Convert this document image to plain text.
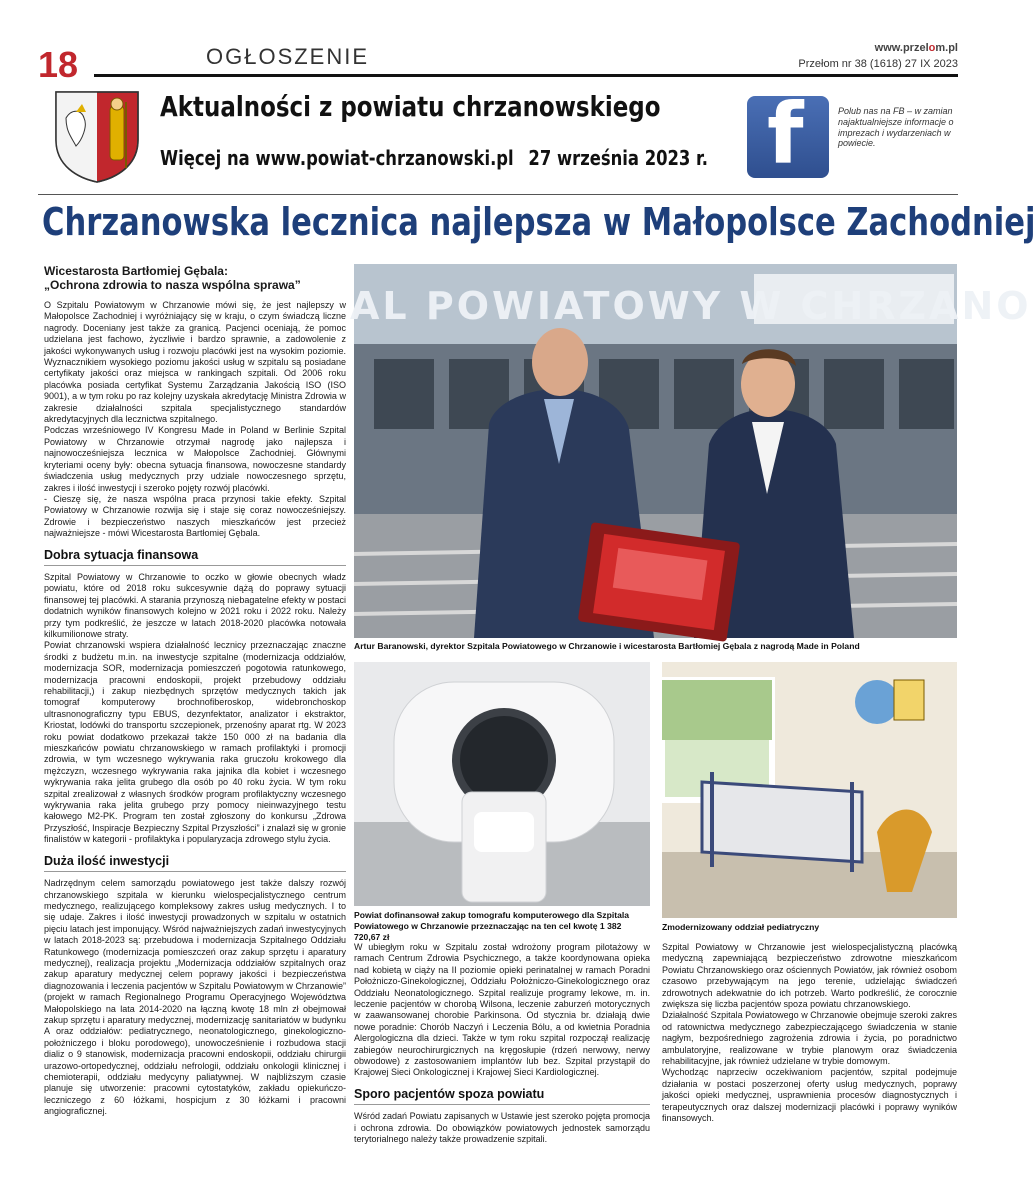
18	OGŁOSZENIE	www.przelom.pl
Przełom nr 38 (1618) 27 IX 2023
Aktualności z powiatu chrzanowskiego
Więcej na www.powiat-chrzanowski.pl 27 września 2023 r. f	Polub nas na FB – w zamian najaktualniejsze informacje o imprezach i wydarzeniach w powiecie.
Chrzanowska lecznica najlepsza w Małopolsce Zachodniej
Wicestarosta Bartłomiej Gębala:
„Ochrona zdrowia to nasza wspólna sprawa”

O Szpitalu Powiatowym w Chrzanowie mówi się, że jest najlepszy w Małopolsce Zachodniej i wyróżniający się w kraju, o czym świadczą liczne nagrody. Doceniany jest także za granicą. Pacjenci oceniają, że pomoc udzielana jest fachowo, życzliwie i bardzo sprawnie, a zadowolenie z jakości wykonywanych usług i rozwoju placówki jest na wysokim poziomie. Wyznacznikiem wysokiego poziomu jakości usług w szpitalu są posiadane certyfikaty jakości oraz miejsca w rankingach szpitali. Od 2006 roku placówka posiada certyfikat Systemu Zarządzania Jakością ISO (ISO 9001), a w tym roku po raz kolejny uzyskała akredytację Ministra Zdrowia w zakresie działalności szpitala specjalistycznego standardów akredytacyjnych dla lecznictwa szpitalnego.

Podczas wrześniowego IV Kongresu Made in Poland w Berlinie Szpital Powiatowy w Chrzanowie otrzymał nagrodę jako najlepsza i najnowocześniejsza lecznica w Małopolsce Zachodniej. Głównymi kryteriami oceny były: obecna sytuacja finansowa, nowoczesne standardy świadczenia usług medycznych przy udziale nowoczesnego sprzętu, zakres i ilość inwestycji i szeroko pojęty rozwój placówki.

- Cieszę się, że nasza wspólna praca przynosi takie efekty. Szpital Powiatowy w Chrzanowie rozwija się i staje się coraz nowocześniejszy. Zdrowie i bezpieczeństwo naszych mieszkańców jest przecież najważniejsze - mówi Wicestarosta Bartłomiej Gębala.

Dobra sytuacja finansowa

Szpital Powiatowy w Chrzanowie to oczko w głowie obecnych władz powiatu, które od 2018 roku sukcesywnie dążą do poprawy sytuacji finansowej tej placówki. A starania przynoszą niebagatelne efekty w postaci dodatnich wyników finansowych kolejno w 2021 roku i 2022 roku. Należy przy tym podkreślić, że jeszcze w latach 2018-2020 placówka notowała kilkumilionowe straty.

Powiat chrzanowski wspiera działalność lecznicy przeznaczając znaczne środki z budżetu m.in. na inwestycje szpitalne (modernizacja oddziałów, modernizacja SOR, modernizacja pomieszczeń pogotowia ratunkowego, modernizacja pracowni endoskopii, projekt przebudowy oddziału rehabilitacji,) i zakup niezbędnych sprzętów medycznych takich jak tomograf komputerowy brochnofiberoskop, widebronchoskop ultrasnonograficzny typu EBUS, dezynfektator, analizator i ekstraktor, Kriostat, lodówki do transportu szczepionek, przenośny aparat rtg. W 2023 roku powiat dodatkowo przekazał także 150 000 zł na badania dla mieszkańców powiatu chrzanowskiego w ramach profilaktyki i promocji zdrowia, w tym wczesnego wykrywania raka gruczołu krokowego dla mężczyzn, wczesnego wykrywania raka jajnika dla kobiet i wczesnego wykrywania raka jelita grubego dla osób po 40 roku życia. W tym roku szpital zrealizował z własnych środków program profilaktyczny wczesnego wykrywania raka jelita grubego przy pomocy nieinwazyjnego testu kałowego M2-PK. Program ten został zgłoszony do konkursu „Zdrowa Przyszłość, Inspiracje Bezpieczny Szpital Przyszłości” i znalazł się w gronie finalistów w kategorii - profilaktyka i popularyzacja zdrowego stylu życia.

Duża ilość inwestycji

Nadrzędnym celem samorządu powiatowego jest także dalszy rozwój chrzanowskiego szpitala w kierunku wielospecjalistycznego centrum medycznego, realizującego kompleksowy zakres usług medycznych. I to się udaje. Zakres i ilość inwestycji prowadzonych w szpitalu w ostatnich pięciu latach jest imponujący. Wśród najważniejszych zadań inwestycyjnych w latach 2018-2023 są: przebudowa i modernizacja Szpitalnego Oddziału Ratunkowego (modernizacja pomieszczeń oraz zakup sprzętu i aparatury medycznej), realizacja projektu „Modernizacja oddziałów szpitalnych oraz zakup aparatury medycznej celem poprawy jakości i bezpieczeństwa diagnozowania i leczenia pacjentów w Szpitalu Powiatowym w Chrzanowie” (projekt w ramach Regionalnego Programu Operacyjnego Województwa Małopolskiego na lata 2014-2020 na łączną kwotę 18 mln zł obejmował zakup sprzętu i aparatury medycznej, modernizację sanitariatów w budynku A oraz oddziałów: pediatrycznego, neonatologicznego, ginekologiczno-położniczego i bloku porodowego), unowocześnienie i rozbudowa stacji dializ o 9 stanowisk, modernizacja pracowni endoskopii, oddziału chirurgii urazowo-ortopedycznej, oddziału nefrologii, oddziału onkologii klinicznej i chemioterapii, oddziału medycyny paliatywnej. W najbliższym czasie planuje się utworzenie: pracowni cytostatyków, zakładu opiekuńczo-leczniczego z 60 łóżkami, hospicjum z 30 łóżkami i pracowni angiograficznej.

AL POWIATOWY W CHRZANO
Artur Baranowski, dyrektor Szpitala Powiatowego w Chrzanowie i wicestarosta Bartłomiej Gębala z nagrodą Made in Poland
Powiat dofinansował zakup tomografu komputerowego dla Szpitala Powiatowego w Chrzanowie przeznaczając na ten cel kwotę 1 382 720,67 zł
Zmodernizowany oddział pediatryczny

W ubiegłym roku w Szpitalu został wdrożony program pilotażowy w ramach Centrum Zdrowia Psychicznego, a także koordynowana opieka nad kobietą w ciąży na II poziomie opieki perinatalnej w ramach Poradni Położniczo-Ginekologicznej, Oddziału Położniczo-Ginekologicznego oraz Oddziału Neonatologicznego. Szpital realizuje programy lekowe, m. in. leczenie pacjentów w chorobą Wilsona, leczenie zaburzeń motorycznych w zaawansowanej chorobie Parkinsona. Od stycznia br. działają dwie nowe poradnie: Chorób Naczyń i Leczenia Bólu, a od kwietnia Poradnia Alergologiczna dla dzieci. Także w tym roku szpital rozpoczął realizację zabiegów neurochirurgicznych na kręgosłupie (rdzeń nerwowy, nerwy obwodowe) z zastosowaniem implantów lub bez. Szpital przystąpił do Krajowej Sieci Onkologicznej i Krajowej Sieci Kardiologicznej.

Sporo pacjentów spoza powiatu

Wśród zadań Powiatu zapisanych w Ustawie jest szeroko pojęta promocja i ochrona zdrowia. Do obowiązków powiatowych jednostek samorządu terytorialnego należy także prowadzenie szpitali.

Szpital Powiatowy w Chrzanowie jest wielospecjalistyczną placówką medyczną zapewniającą bezpieczeństwo zdrowotne mieszkańcom Powiatu Chrzanowskiego oraz ościennych Powiatów, jak również osobom czasowo przebywającym na jego terenie, udzielając świadczeń zdrowotnych adekwatnie do ich potrzeb. Warto podkreślić, że corocznie zwiększa się liczba pacjentów spoza powiatu chrzanowskiego.

Działalność Szpitala Powiatowego w Chrzanowie obejmuje szeroki zakres od ratownictwa medycznego zabezpieczającego świadczenia w stanie nagłym, bezpośredniego zagrożenia zdrowia i życia, po poradnictwo ambulatoryjne, realizowane w trybie planowym oraz świadczenia rehabilitacyjne, jak również udzielane w trybie domowym.

Wychodząc naprzeciw oczekiwaniom pacjentów, szpital podejmuje działania w postaci poszerzonej oferty usług medycznych, poprawy jakości opieki medycznej, usprawnienia procesów diagnostycznych i terapeutycznych oraz dalszej modernizacji placówki i poprawy wyników finansowych.
